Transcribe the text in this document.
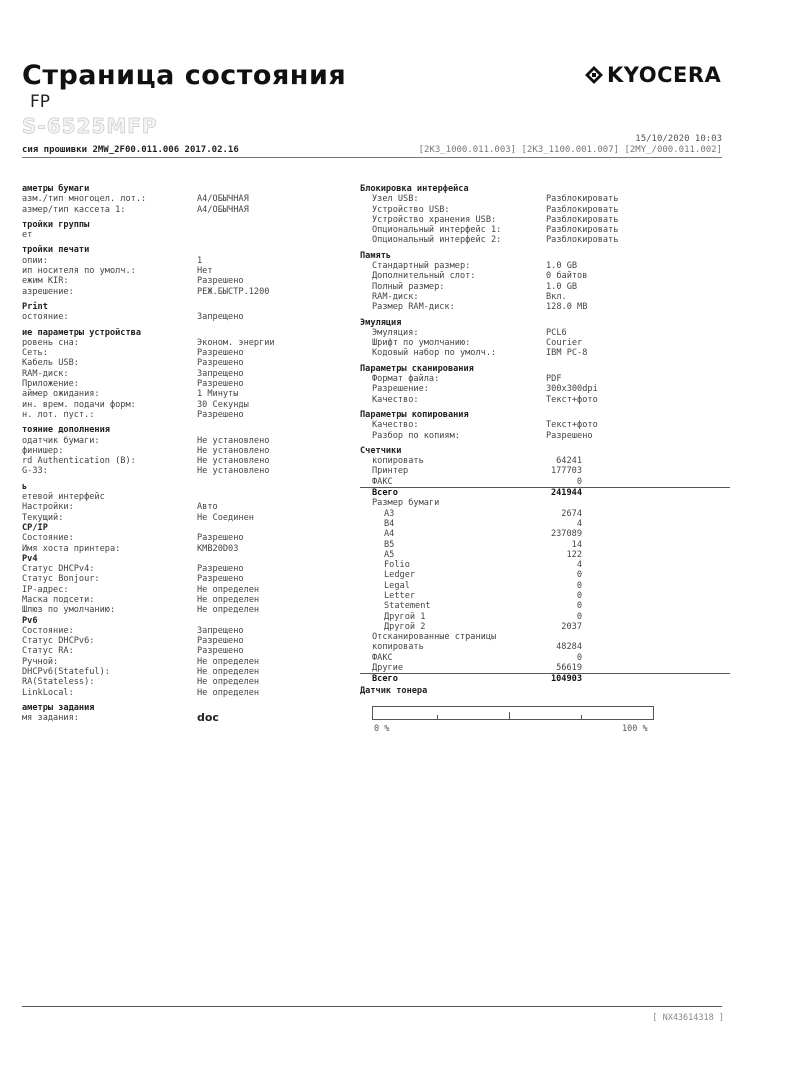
Страница состояния
FP
S-6525MFP
KYOCERA
15/10/2020 10:03
сия прошивки 2MW_2F00.011.006 2017.02.16	[2K3_1000.011.003] [2K3_1100.001.007] [2MY_/000.011.002]
аметры бумаги
азм./тип многоцел. лот.:	A4/ОБЫЧНАЯ
азмер/тип кассета 1:	A4/ОБЫЧНАЯ
тройки группы
ет
тройки печати
опии:	1
ип носителя по умолч.:	Нет
ежим KIR:	Разрешено
азрешение:	РЕЖ.БЫСТР.1200
Print
остояние:	Запрещено
ие параметры устройства
ровень сна:	Эконом. энергии
Сеть:	Разрешено
Кабель USB:	Разрешено
RAM-диск:	Запрещено
Приложение:	Разрешено
аймер ожидания:	1 Минуты
ин. врем. подачи форм:	30 Секунды
н. лот. пуст.:	Разрешено
тояние дополнения
одатчик бумаги:	Не установлено
финишер:	Не установлено
rd Authentication (B):	Не установлено
G-33:	Не установлено
ь
етевой интерфейс
Настройки:	Авто
Текущий:	Не Соединен
CP/IP
Состояние:	Разрешено
Имя хоста принтера:	KMB20D03
Pv4
Статус DHCPv4:	Разрешено
Статус Bonjour:	Разрешено
IP-адрес:	Не определен
Маска подсети:	Не определен
Шлюз по умолчанию:	Не определен
Pv6
Состояние:	Запрещено
Статус DHCPv6:	Разрешено
Статус RA:	Разрешено
Ручной:	Не определен
DHCPv6(Stateful):	Не определен
RA(Stateless):	Не определен
LinkLocal:	Не определен
аметры задания
мя задания:	doc
Блокировка интерфейса
Узел USB:	Разблокировать
Устройство USB:	Разблокировать
Устройство хранения USB:	Разблокировать
Опциональный интерфейс 1:	Разблокировать
Опциональный интерфейс 2:	Разблокировать
Память
Стандартный размер:	1.0 GB
Дополнительный слот:	0 байтов
Полный размер:	1.0 GB
RAM-диск:	Вкл.
Размер RAM-диск:	128.0 MB
Эмуляция
Эмуляция:	PCL6
Шрифт по умолчанию:	Courier
Кодовый набор по умолч.:	IBM PC-8
Параметры сканирования
Формат файла:	PDF
Разрешение:	300x300dpi
Качество:	Текст+фото
Параметры копирования
Качество:	Текст+фото
Разбор по копиям:	Разрешено
Счетчики
копировать	64241
Принтер	177703
ФАКС	0
Всего	241944
Размер бумаги
A3	2674
B4	4
A4	237089
B5	14
A5	122
Folio	4
Ledger	0
Legal	0
Letter	0
Statement	0
Другой 1	0
Другой 2	2037
Отсканированные страницы
копировать	48284
ФАКС	0
Другие	56619
Всего	104903
Датчик тонера
0 %	100 %
[ NX43614318 ]
